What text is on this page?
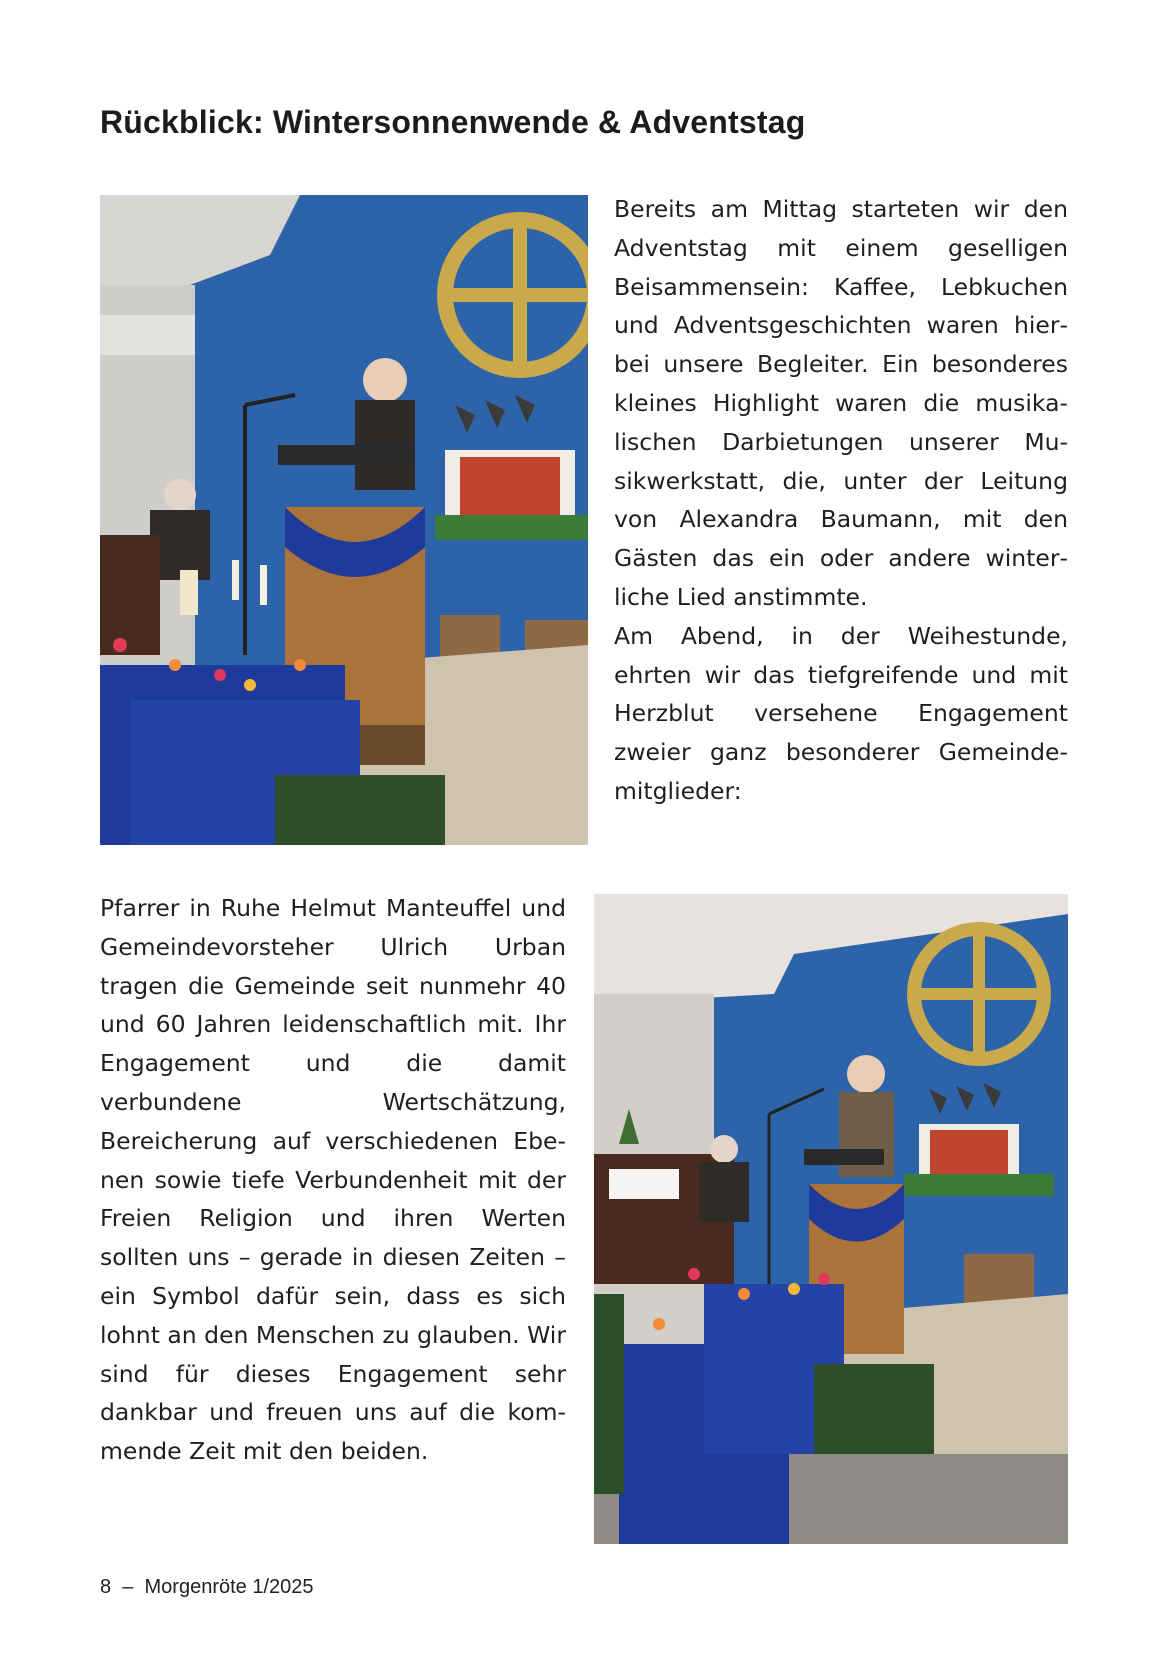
Rückblick: Wintersonnenwende & Adventstag

Bereits am Mittag starteten wir den Adventstag mit einem geselligen Beisammensein: Kaffee, Lebkuchen und Adventsgeschichten waren hierbei unsere Begleiter. Ein besonderes kleines Highlight waren die musikalischen Darbietungen unserer Musikwerkstatt, die, unter der Leitung von Alexandra Baumann, mit den Gästen das ein oder andere winterliche Lied anstimmte.
Am Abend, in der Weihestunde, ehrten wir das tiefgreifende und mit Herzblut versehene Engagement zweier ganz besonderer Gemeindemitglieder:

Pfarrer in Ruhe Helmut Manteuffel und Gemeindevorsteher Ulrich Urban tragen die Gemeinde seit nunmehr 40 und 60 Jahren leidenschaftlich mit. Ihr Engagement und die damit verbundene Wertschätzung, Bereicherung auf verschiedenen Ebenen sowie tiefe Verbundenheit mit der Freien Religion und ihren Werten sollten uns – gerade in diesen Zeiten – ein Symbol dafür sein, dass es sich lohnt an den Menschen zu glauben. Wir sind für dieses Engagement sehr dankbar und freuen uns auf die kommende Zeit mit den beiden.

8 – Morgenröte 1/2025
